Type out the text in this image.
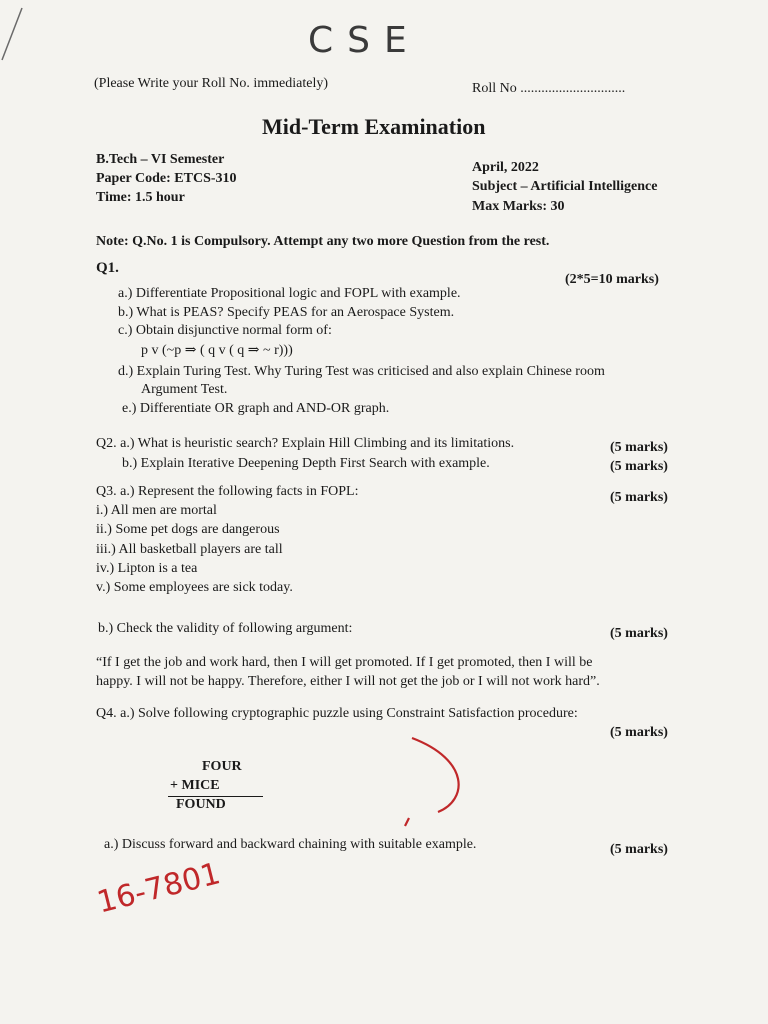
CSE
(Please Write your Roll No. immediately)	Roll No ..............................
Mid-Term Examination
B.Tech – VI Semester
Paper Code: ETCS-310
Time: 1.5 hour
April, 2022
Subject – Artificial Intelligence
Max Marks: 30
Note: Q.No. 1 is Compulsory. Attempt any two more Question from the rest.
Q1.
(2*5=10 marks)
a.) Differentiate Propositional logic and FOPL with example.
b.) What is PEAS? Specify PEAS for an Aerospace System.
c.) Obtain disjunctive normal form of:
p v (~p ⇒ ( q v ( q ⇒ ~ r)))
d.) Explain Turing Test. Why Turing Test was criticised and also explain Chinese room
Argument Test.
e.) Differentiate OR graph and AND-OR graph.
Q2. a.) What is heuristic search? Explain Hill Climbing and its limitations.	(5 marks)
b.) Explain Iterative Deepening Depth First Search with example.	(5 marks)
Q3. a.) Represent the following facts in FOPL:	(5 marks)
i.) All men are mortal
ii.) Some pet dogs are dangerous
iii.) All basketball players are tall
iv.) Lipton is a tea
v.) Some employees are sick today.
b.) Check the validity of following argument:	(5 marks)
“If I get the job and work hard, then I will get promoted. If I get promoted, then I will be
happy. I will not be happy. Therefore, either I will not get the job or I will not work hard”.
Q4. a.) Solve following cryptographic puzzle using Constraint Satisfaction procedure:
(5 marks)
FOUR
+ MICE
FOUND
a.) Discuss forward and backward chaining with suitable example.	(5 marks)
16-7801
